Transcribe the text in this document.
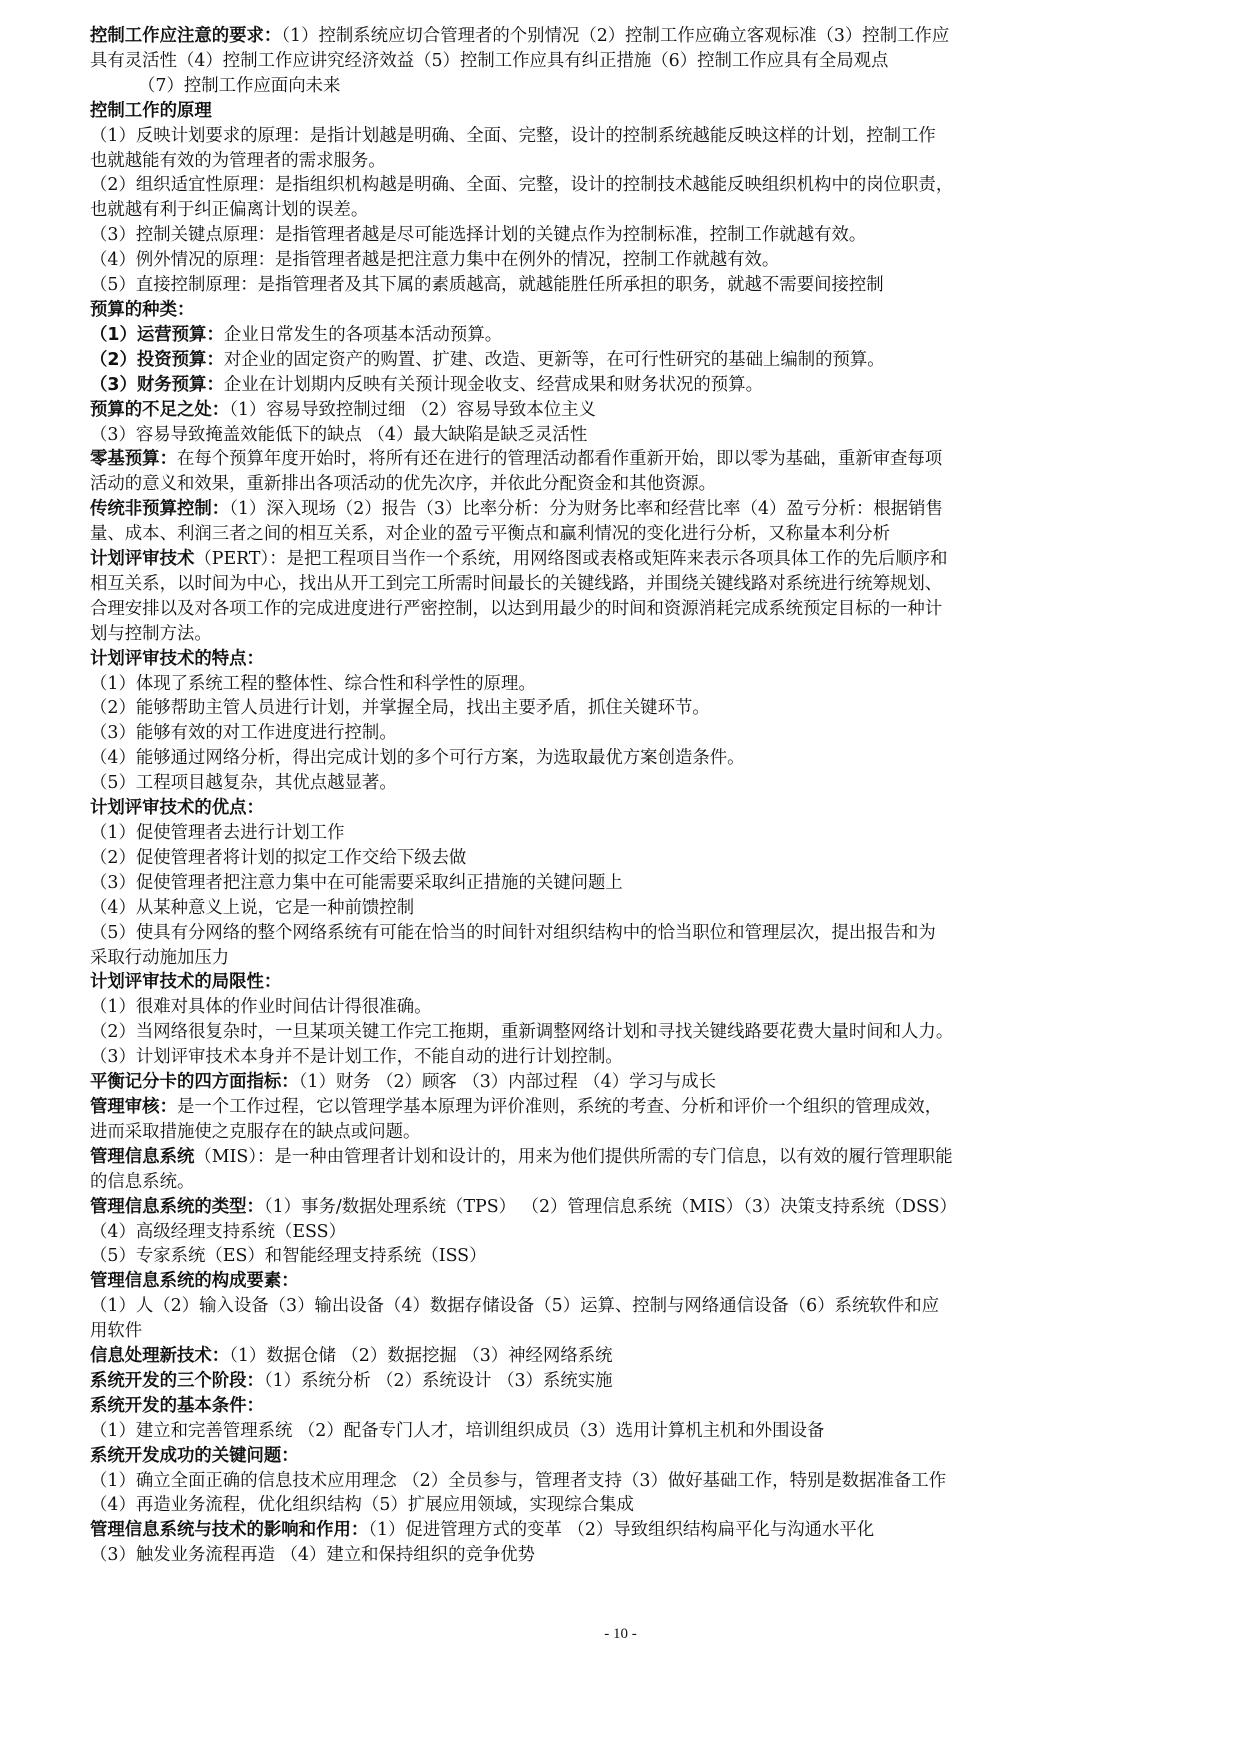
控制工作应注意的要求：（1）控制系统应切合管理者的个别情况（2）控制工作应确立客观标准（3）控制工作应
具有灵活性（4）控制工作应讲究经济效益（5）控制工作应具有纠正措施（6）控制工作应具有全局观点
（7）控制工作应面向未来
控制工作的原理
（1）反映计划要求的原理：是指计划越是明确、全面、完整，设计的控制系统越能反映这样的计划，控制工作
也就越能有效的为管理者的需求服务。
（2）组织适宜性原理：是指组织机构越是明确、全面、完整，设计的控制技术越能反映组织机构中的岗位职责，
也就越有利于纠正偏离计划的误差。
（3）控制关键点原理：是指管理者越是尽可能选择计划的关键点作为控制标准，控制工作就越有效。
（4）例外情况的原理：是指管理者越是把注意力集中在例外的情况，控制工作就越有效。
（5）直接控制原理：是指管理者及其下属的素质越高，就越能胜任所承担的职务，就越不需要间接控制
预算的种类：
（1）运营预算：企业日常发生的各项基本活动预算。
（2）投资预算：对企业的固定资产的购置、扩建、改造、更新等，在可行性研究的基础上编制的预算。
（3）财务预算：企业在计划期内反映有关预计现金收支、经营成果和财务状况的预算。
预算的不足之处：（1）容易导致控制过细 （2）容易导致本位主义
（3）容易导致掩盖效能低下的缺点 （4）最大缺陷是缺乏灵活性
零基预算：在每个预算年度开始时，将所有还在进行的管理活动都看作重新开始，即以零为基础，重新审查每项
活动的意义和效果，重新排出各项活动的优先次序，并依此分配资金和其他资源。
传统非预算控制：（1）深入现场（2）报告（3）比率分析：分为财务比率和经营比率（4）盈亏分析：根据销售
量、成本、利润三者之间的相互关系，对企业的盈亏平衡点和赢利情况的变化进行分析，又称量本利分析
计划评审技术（PERT）：是把工程项目当作一个系统，用网络图或表格或矩阵来表示各项具体工作的先后顺序和
相互关系，以时间为中心，找出从开工到完工所需时间最长的关键线路，并围绕关键线路对系统进行统筹规划、
合理安排以及对各项工作的完成进度进行严密控制，以达到用最少的时间和资源消耗完成系统预定目标的一种计
划与控制方法。
计划评审技术的特点：
（1）体现了系统工程的整体性、综合性和科学性的原理。
（2）能够帮助主管人员进行计划，并掌握全局，找出主要矛盾，抓住关键环节。
（3）能够有效的对工作进度进行控制。
（4）能够通过网络分析，得出完成计划的多个可行方案，为选取最优方案创造条件。
（5）工程项目越复杂，其优点越显著。
计划评审技术的优点：
（1）促使管理者去进行计划工作
（2）促使管理者将计划的拟定工作交给下级去做
（3）促使管理者把注意力集中在可能需要采取纠正措施的关键问题上
（4）从某种意义上说，它是一种前馈控制
（5）使具有分网络的整个网络系统有可能在恰当的时间针对组织结构中的恰当职位和管理层次，提出报告和为
采取行动施加压力
计划评审技术的局限性：
（1）很难对具体的作业时间估计得很准确。
（2）当网络很复杂时，一旦某项关键工作完工拖期，重新调整网络计划和寻找关键线路要花费大量时间和人力。
（3）计划评审技术本身并不是计划工作，不能自动的进行计划控制。
平衡记分卡的四方面指标：（1）财务 （2）顾客 （3）内部过程 （4）学习与成长
管理审核：是一个工作过程，它以管理学基本原理为评价准则，系统的考查、分析和评价一个组织的管理成效，
进而采取措施使之克服存在的缺点或问题。
管理信息系统（MIS）：是一种由管理者计划和设计的，用来为他们提供所需的专门信息，以有效的履行管理职能
的信息系统。
管理信息系统的类型：（1）事务/数据处理系统（TPS） （2）管理信息系统（MIS）（3）决策支持系统（DSS）
（4）高级经理支持系统（ESS）
（5）专家系统（ES）和智能经理支持系统（ISS）
管理信息系统的构成要素：
（1）人（2）输入设备（3）输出设备（4）数据存储设备（5）运算、控制与网络通信设备（6）系统软件和应
用软件
信息处理新技术：（1）数据仓储 （2）数据挖掘 （3）神经网络系统
系统开发的三个阶段：（1）系统分析 （2）系统设计 （3）系统实施
系统开发的基本条件：
（1）建立和完善管理系统 （2）配备专门人才，培训组织成员（3）选用计算机主机和外围设备
系统开发成功的关键问题：
（1）确立全面正确的信息技术应用理念 （2）全员参与，管理者支持（3）做好基础工作，特别是数据准备工作
（4）再造业务流程，优化组织结构（5）扩展应用领域，实现综合集成
管理信息系统与技术的影响和作用：（1）促进管理方式的变革 （2）导致组织结构扁平化与沟通水平化
（3）触发业务流程再造 （4）建立和保持组织的竞争优势
- 10 -
